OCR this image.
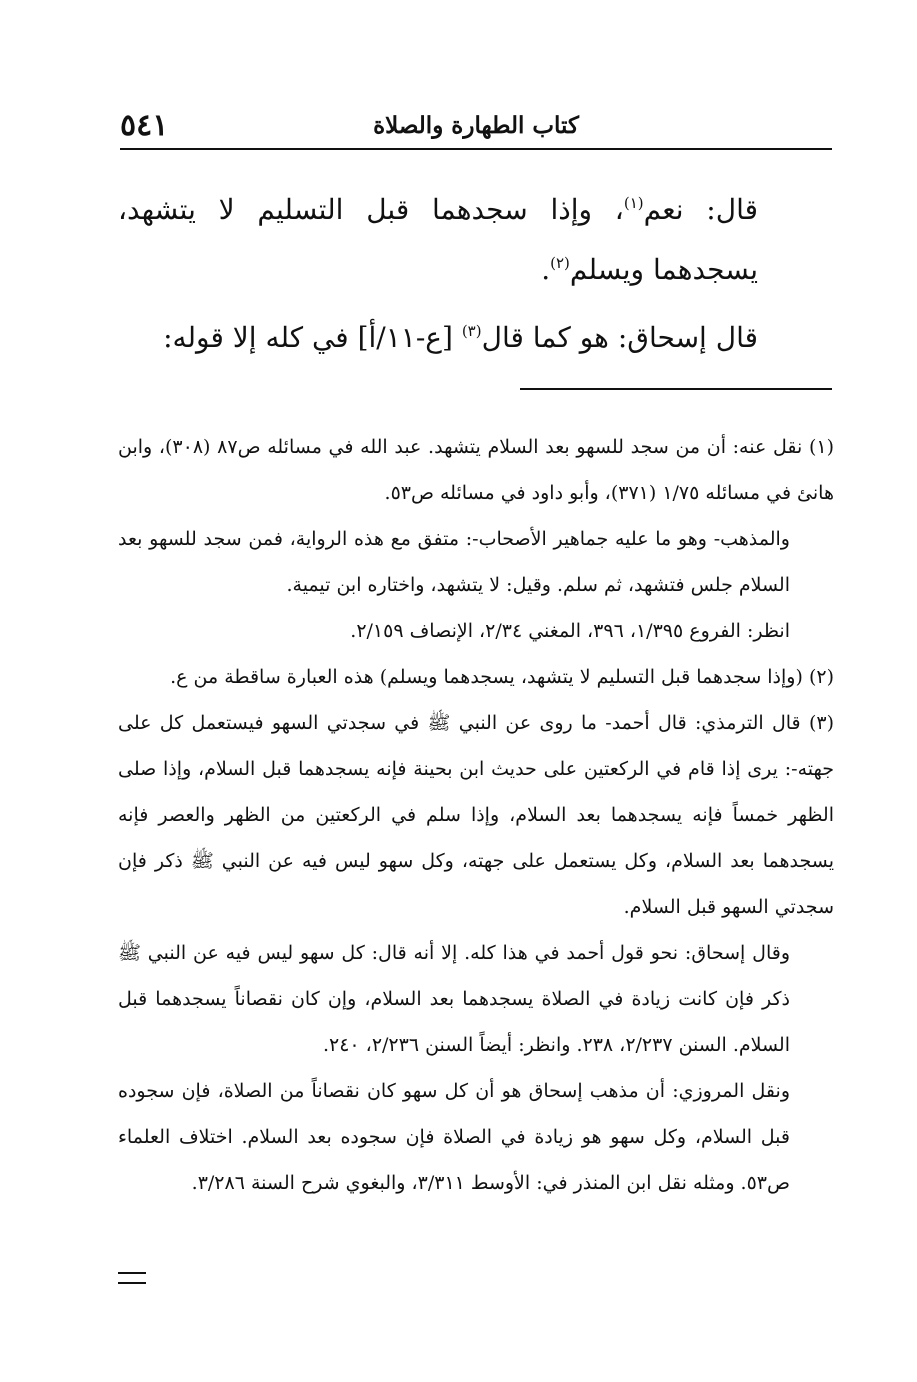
٥٤١	كتاب الطهارة والصلاة

قال: نعم$^{(١)}$، وإذا سجدهما قبل التسليم لا يتشهد، يسجدهما ويسلم$^{(٢)}$.

قال إسحاق: هو كما قال$^{(٣)}$ [ع-١١/أ] في كله إلا قوله:

(١) نقل عنه: أن من سجد للسهو بعد السلام يتشهد. عبد الله في مسائله ص٨٧ (٣٠٨)، وابن هانئ في مسائله ١/٧٥ (٣٧١)، وأبو داود في مسائله ص٥٣.

والمذهب- وهو ما عليه جماهير الأصحاب-: متفق مع هذه الرواية، فمن سجد للسهو بعد السلام جلس فتشهد، ثم سلم. وقيل: لا يتشهد، واختاره ابن تيمية.

انظر: الفروع ١/٣٩٥، ٣٩٦، المغني ٢/٣٤، الإنصاف ٢/١٥٩.

(٢) (وإذا سجدهما قبل التسليم لا يتشهد، يسجدهما ويسلم) هذه العبارة ساقطة من ع.

(٣) قال الترمذي: قال أحمد- ما روى عن النبي ﷺ في سجدتي السهو فيستعمل كل على جهته-: يرى إذا قام في الركعتين على حديث ابن بحينة فإنه يسجدهما قبل السلام، وإذا صلى الظهر خمساً فإنه يسجدهما بعد السلام، وإذا سلم في الركعتين من الظهر والعصر فإنه يسجدهما بعد السلام، وكل يستعمل على جهته، وكل سهو ليس فيه عن النبي ﷺ ذكر فإن سجدتي السهو قبل السلام.

وقال إسحاق: نحو قول أحمد في هذا كله. إلا أنه قال: كل سهو ليس فيه عن النبي ﷺ ذكر فإن كانت زيادة في الصلاة يسجدهما بعد السلام، وإن كان نقصاناً يسجدهما قبل السلام. السنن ٢/٢٣٧، ٢٣٨. وانظر: أيضاً السنن ٢/٢٣٦، ٢٤٠.

ونقل المروزي: أن مذهب إسحاق هو أن كل سهو كان نقصاناً من الصلاة، فإن سجوده قبل السلام، وكل سهو هو زيادة في الصلاة فإن سجوده بعد السلام. اختلاف العلماء ص٥٣. ومثله نقل ابن المنذر في: الأوسط ٣/٣١١، والبغوي شرح السنة ٣/٢٨٦.
